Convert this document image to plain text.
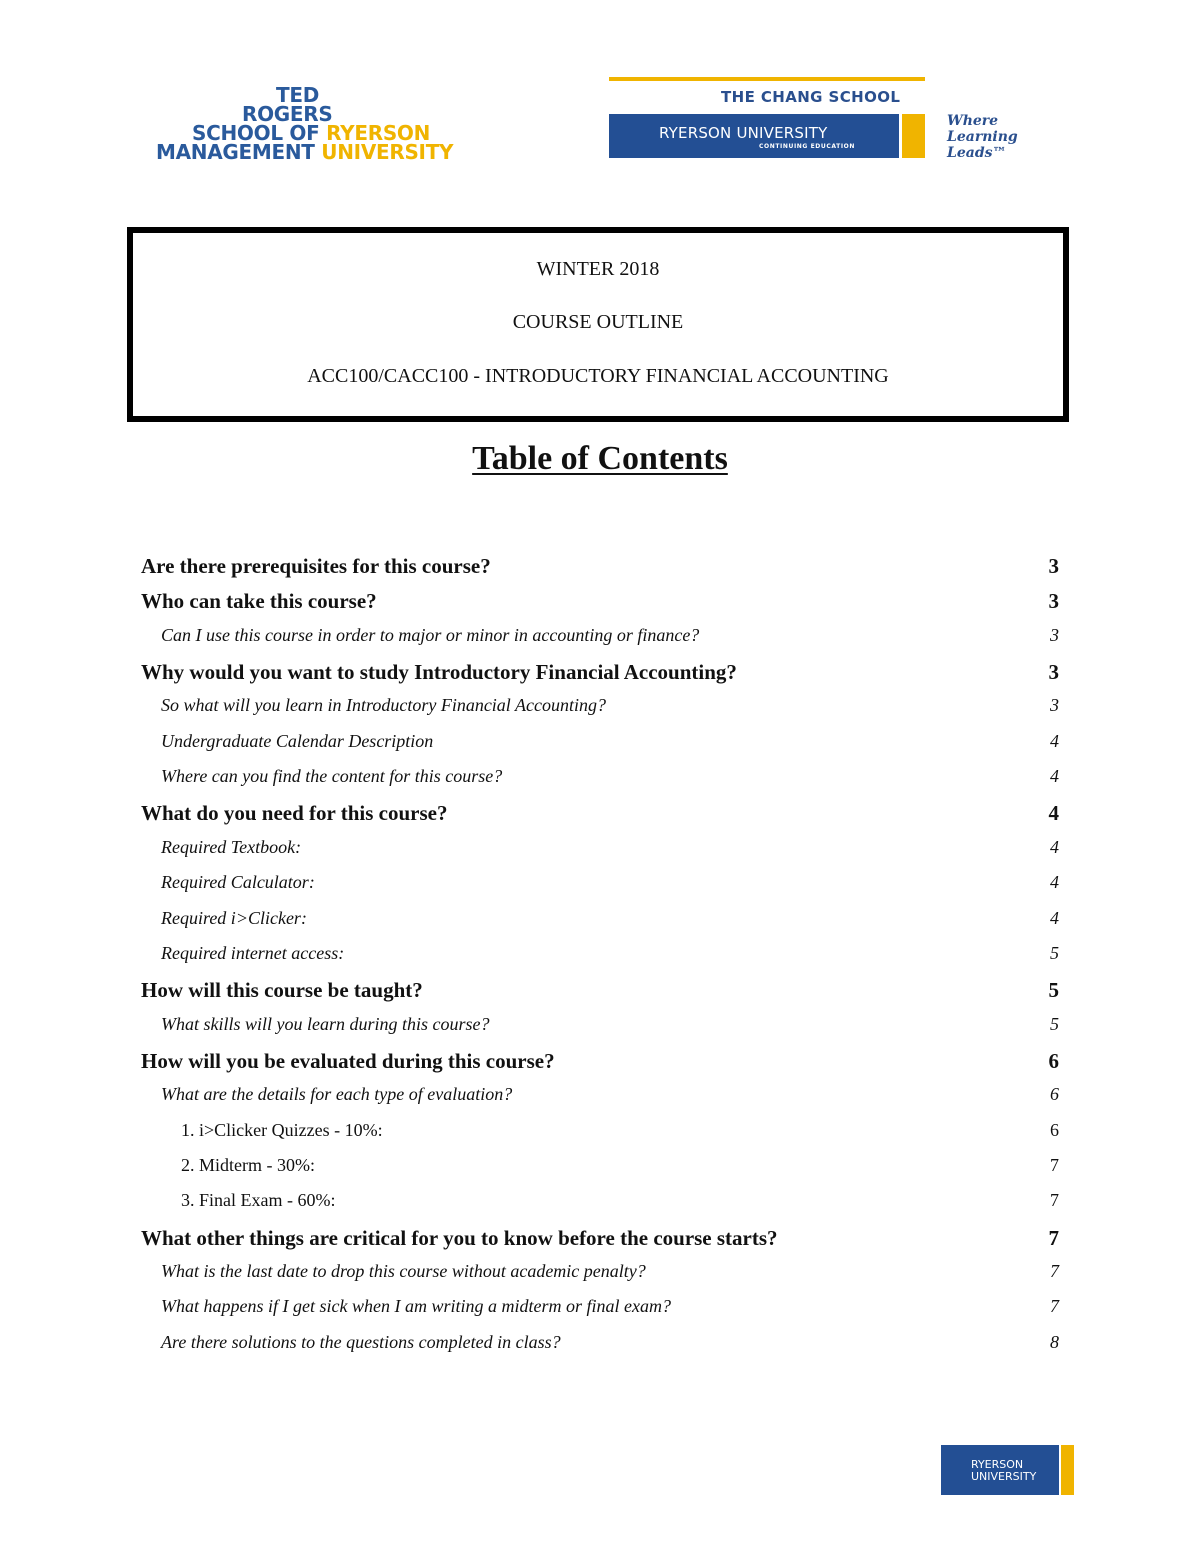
TED
ROGERS
SCHOOL OF RYERSON
MANAGEMENT UNIVERSITY
THE CHANG SCHOOL
RYERSON UNIVERSITY
CONTINUING EDUCATION
Where
Learning
Leads™
WINTER 2018
COURSE OUTLINE
ACC100/CACC100 - INTRODUCTORY FINANCIAL ACCOUNTING
Table of Contents
Are there prerequisites for this course?	3
Who can take this course?	3
Can I use this course in order to major or minor in accounting or finance?	3
Why would you want to study Introductory Financial Accounting?	3
So what will you learn in Introductory Financial Accounting?	3
Undergraduate Calendar Description	4
Where can you find the content for this course?	4
What do you need for this course?	4
Required Textbook:	4
Required Calculator:	4
Required i>Clicker:	4
Required internet access:	5
How will this course be taught?	5
What skills will you learn during this course?	5
How will you be evaluated during this course?	6
What are the details for each type of evaluation?	6
1. i>Clicker Quizzes - 10%:	6
2. Midterm - 30%:	7
3. Final Exam - 60%:	7
What other things are critical for you to know before the course starts?	7
What is the last date to drop this course without academic penalty?	7
What happens if I get sick when I am writing a midterm or final exam?	7
Are there solutions to the questions completed in class?	8
RYERSON
UNIVERSITY
